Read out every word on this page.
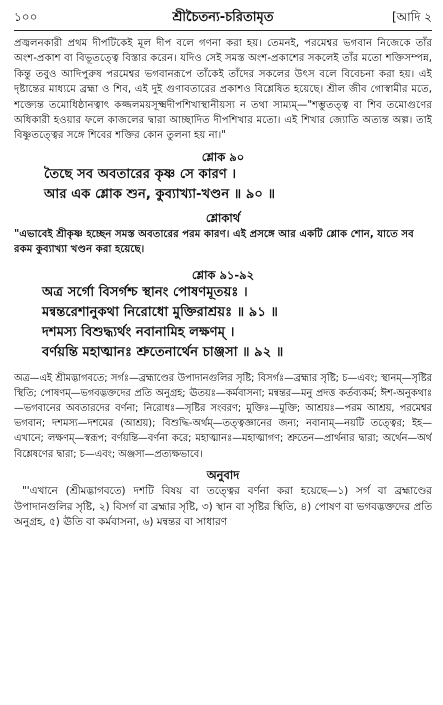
১০০	শ্রীচৈতন্য-চরিতামৃত	[আদি ২

প্রজ্বলনকারী প্রথম দীপটিকেই মূল দীপ বলে গণনা করা হয়। তেমনই, পরমেশ্বর ভগবান নিজেকে তাঁর অংশ-প্রকাশ বা বিভূতত্ত্বে বিস্তার করেন। যদিও সেই সমস্ত অংশ-প্রকাশের সকলেই তাঁর মতো শক্তিসম্পন্ন, কিন্তু তবুও আদিপুরুষ পরমেশ্বর ভগবানরূপে তাঁকেই তাঁদের সকলের উৎস বলে বিবেচনা করা হয়। এই দৃষ্টান্তের মাধ্যমে ব্রহ্মা ও শিব, এই দুই গুণাবতারের প্রকাশও বিশ্লেষিত হয়েছে। শ্রীল জীব গোস্বামীর মতে, শক্ত্যেন্ত তমোধিষ্ঠানত্বাৎ কজ্জলময়সূক্ষ্মদীপশিখাস্থানীয়স্য ন তথা সাম্যম্‌—"শম্ভুতত্ত্ব বা শিব তমোগুণের অধিকারী হওয়ার ফলে কাজলের দ্বারা আচ্ছাদিত দীপশিখার মতো। এই শিখার জ্যোতি অত্যন্ত অল্প। তাই বিষ্ণুতত্ত্বের সঙ্গে শিবের শক্তির কোন তুলনা হয় না।"

শ্লোক ৯০
তৈছে সব অবতারের কৃষ্ণ সে কারণ ।
আর এক শ্লোক শুন, কুব্যাখ্যা-খণ্ডন ॥ ৯০ ॥
শ্লোকার্থ

"এভাবেই শ্রীকৃষ্ণ হচ্ছেন সমস্ত অবতারের পরম কারণ। এই প্রসঙ্গে আর একটি শ্লোক শোন, যাতে সব রকম কুব্যাখ্যা খণ্ডন করা হয়েছে।

শ্লোক ৯১-৯২
অত্র সর্গো বিসর্গশ্চ স্থানং পোষণমূতয়ঃ ।
মন্বন্তরেশানুকথা নিরোধো মুক্তিরাশ্রয়ঃ ॥ ৯১ ॥
দশমস্য বিশুদ্ধ্যর্থং নবানামিহ লক্ষণম্‌ ।
বর্ণয়ন্তি মহাত্মানঃ শ্রুতেনার্থেন চাঞ্জসা ॥ ৯২ ॥

অত্র—এই শ্রীমদ্ভাগবতে; সর্গঃ—ব্রহ্মাণ্ডের উপাদানগুলির সৃষ্টি; বিসর্গঃ—ব্রহ্মার সৃষ্টি; চ—এবং; স্থানম্‌—সৃষ্টির স্থিতি; পোষণম্‌—ভগবদ্ভক্তদের প্রতি অনুগ্রহ; ঊতয়ঃ—কর্মবাসনা; মন্বন্তর—মনু প্রদত্ত কর্তব্যকর্ম; ঈশ-অনুকথাঃ—ভগবানের অবতারদের বর্ণনা; নিরোধঃ—সৃষ্টির সংবরণ; মুক্তিঃ—মুক্তি; আশ্রয়ঃ—পরম আশ্রয়, পরমেশ্বর ভগবান; দশমস্য—দশমের (আশ্রয়); বিশুদ্ধি-অর্থম্‌—তত্ত্বজ্ঞানের জন্য; নবানাম্‌—নয়টি তত্ত্বের; ইহ—এখানে; লক্ষণম্‌—স্বরূপ; বর্ণয়ন্তি—বর্ণনা করে; মহাত্মানঃ—মহাত্মাগণ; শ্রুতেন—প্রার্থনার দ্বারা; অর্থেন—অর্থ বিশ্লেষণের দ্বারা; চ—এবং; অঞ্জসা—প্রত্যক্ষভাবে।

অনুবাদ

"'এখানে (শ্রীমদ্ভাগবতে) দশটি বিষয় বা তত্ত্বের বর্ণনা করা হয়েছে—১) সর্গ বা ব্রহ্মাণ্ডের উপাদানগুলির সৃষ্টি, ২) বিসর্গ বা ব্রহ্মার সৃষ্টি, ৩) স্থান বা সৃষ্টির স্থিতি, ৪) পোষণ বা ভগবদ্ভক্তদের প্রতি অনুগ্রহ, ৫) ঊতি বা কর্মবাসনা, ৬) মন্বন্তর বা সাধারণ
